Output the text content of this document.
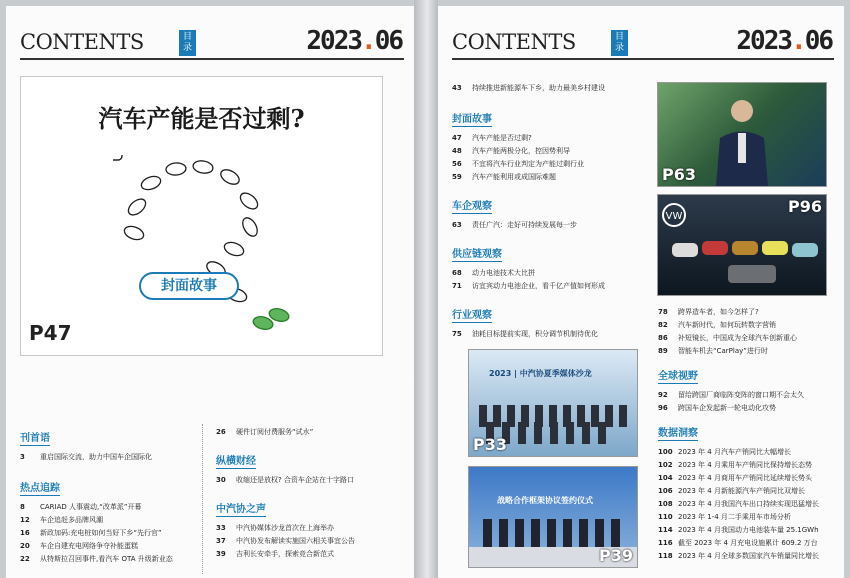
CONTENTS	目录	2023.06
汽车产能是否过剩?
P47
封面故事
刊首语
3 重启国际交流，助力中国车企国际化
热点追踪
8 CARIAD 人事震动,“改革派”开幕
12 车企追赶多品牌风潮
16 新政加码:充电桩如何当好下乡“先行官”
20 车企自建充电网络争夺补能蛋糕
22 从特斯拉召回事件,看汽车 OTA 升级新业态
26 硬件订阅付费服务“试水”
纵横财经
30 收缩还是放权? 合资车企站在十字路口
中汽协之声
33 中汽协媒体沙龙首次在上海举办
37 中汽协发布解读实施国六相关事宜公告
39 吉利长安牵手，探索竞合新范式
CONTENTS	目录	2023.06
43 持续推进新能源车下乡，助力最美乡村建设
封面故事
47 汽车产能是否过剩?
48 汽车产能两极分化，控因势利导
56 不宜将汽车行业判定为产能过剩行业
59 汽车产能利用或成国际难题
车企观察
63 责任广汽：走好可持续发展每一步
供应链观察
68 动力电池技术大比拼
71 访宜宾动力电池企业，看千亿产值如何形成
行业观察
75 油耗目标提前实现，积分调节机制待优化
P63
VW
P96
2023 | 中汽协夏季媒体沙龙
P33
战略合作框架协议签约仪式
P39
78 跨界造车者，如今怎样了?
82 汽车新时代，如何玩转数字营销
86 补短镜长，中国成为全球汽车创新重心
89 智能车机去“CarPlay”进行时
全球视野
92 留给跨国厂商临阵变阵的窗口期不会太久
96 跨国车企发起新一轮电动化攻势
数据洞察
100 2023 年 4 月汽车产销同比大幅增长
102 2023 年 4 月乘用车产销同比保持增长态势
104 2023 年 4 月商用车产销同比延续增长势头
106 2023 年 4 月新能源汽车产销同比双增长
108 2023 年 4 月我国汽车出口持续实现迅猛增长
110 2023 年 1-4 月二手乘用车市场分析
114 2023 年 4 月我国动力电池装车量 25.1GWh
116 截至 2023 年 4 月充电设施累计 609.2 万台
118 2023 年 4 月全球多数国家汽车销量同比增长
